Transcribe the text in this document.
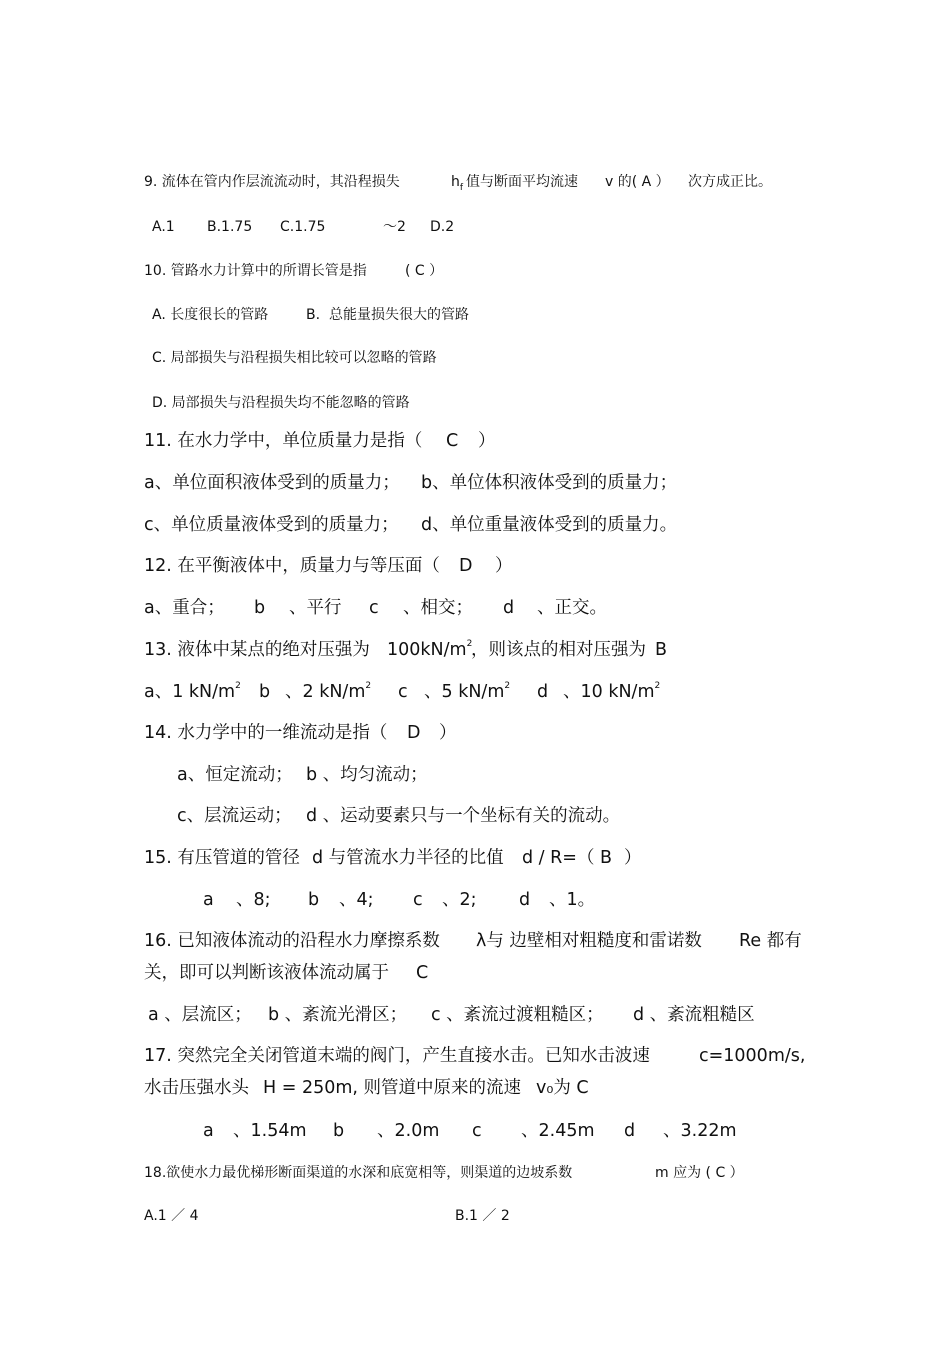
9. 流体在管内作层流流动时，其沿程损失	$h_f$ 值与断面平均流速 v 的( A ） 次方成正比。
A.1 B.1.75 C.1.75	～2 D.2
10. 管路水力计算中的所谓长管是指	( C ）
A. 长度很长的管路	B.  总能量损失很大的管路
C. 局部损失与沿程损失相比较可以忽略的管路
D. 局部损失与沿程损失均不能忽略的管路
11. 在水力学中，单位质量力是指（ C ）
a、单位面积液体受到的质量力； b、单位体积液体受到的质量力；
c、单位质量液体受到的质量力； d、单位重量液体受到的质量力。
12. 在平衡液体中，质量力与等压面（ D ）
a、重合； b 、平行 c 、相交； d 、正交。
13. 液体中某点的绝对压强为 $100kN/m^2$
，则该点的相对压强为 B
a、1 $kN/m^2$ b 、2 $kN/m^2$ c 、5 $kN/m^2$ d 、10 $kN/m^2$
14. 水力学中的一维流动是指（ D ）
a、恒定流动； b 、均匀流动；
c、层流运动； d 、运动要素只与一个坐标有关的流动。
15. 有压管道的管径 d 与管流水力半径的比值 d / R=（ B ）
a 、8; b 、4; c 、2; d 、1。
16. 已知液体流动的沿程水力摩擦系数 λ与 边壁相对粗糙度和雷诺数 Re 都有
关，即可以判断该液体流动属于 C
a 、层流区； b 、紊流光滑区； c 、紊流过渡粗糙区； d 、紊流粗糙区
17. 突然完全关闭管道末端的阀门，产生直接水击。已知水击波速	c=1000m/s,
水击压强水头 H = 250m, 则管道中原来的流速 v₀为 C
a 、1.54m b 、2.0m c 、2.45m d 、3.22m
18.欲使水力最优梯形断面渠道的水深和底宽相等，则渠道的边坡系数	m 应为 ( C ）
A.1 ／ 4	B.1 ／ 2
